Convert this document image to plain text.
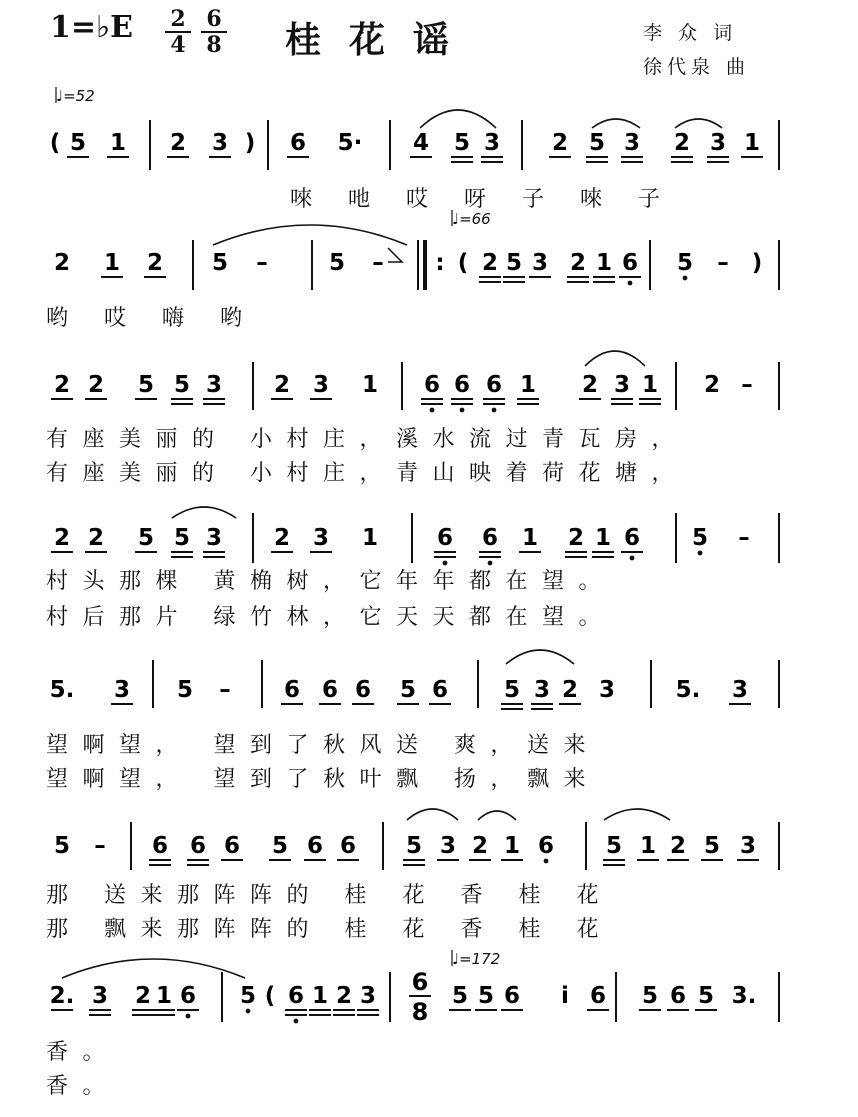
1=♭E	2
4
6
8 桂花谣	李 众 词
徐代泉 曲
♩=52
♩=66
♩=172
唻 吔 哎 呀 子 唻 子
哟 哎 嗨 哟
有座美丽的 小村庄，溪水流过青瓦房，
有座美丽的 小村庄，青山映着荷花塘，
村头那棵 黄桷树，它年年都在望。
村后那片 绿竹林，它天天都在望。
望啊望， 望到了秋风送 爽，送来
望啊望， 望到了秋叶飘 扬，飘来
那 送来那阵阵的 桂 花 香 桂 花
那 飘来那阵阵的 桂 花 香 桂 花
香。
香。
( 5 1 2 3 ) 6 5· 4 5 3 2 5 3 2 3 1
2 1 2 5 –	5 – : ( 2 5 3 2 1 6 5 – )
2 2 5 5 3 2 3 1 6 6 6 1 2 3 1 2 –
2 2 5 5 3 2 3 1	6 6 1 2 1 6 5 –
5. 3 5 – 6 6 6 5 6 5 3 2 3	5. 3
5 – 6 6 6 5 6 6 5 3 2 1 6 5 1 2 5 3
2. 3 2 1 6 5 ( 6 1 2 3	5 5 6 i 6 5 6 5 3.
6
8
